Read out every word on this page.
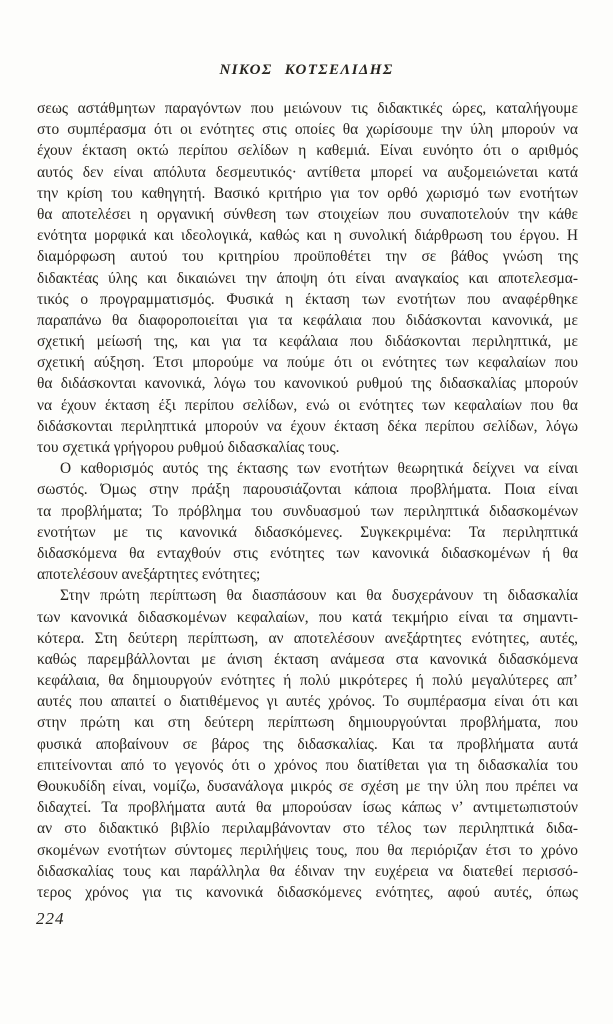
ΝΙΚΟΣ ΚΟΤΣΕΛΙΔΗΣ
σεως αστάθμητων παραγόντων που μειώνουν τις διδακτικές ώρες, καταλήγουμε
στο συμπέρασμα ότι οι ενότητες στις οποίες θα χωρίσουμε την ύλη μπορούν να
έχουν έκταση οκτώ περίπου σελίδων η καθεμιά. Είναι ευνόητο ότι ο αριθμός
αυτός δεν είναι απόλυτα δεσμευτικός· αντίθετα μπορεί να αυξομειώνεται κατά
την κρίση του καθηγητή. Βασικό κριτήριο για τον ορθό χωρισμό των ενοτήτων
θα αποτελέσει η οργανική σύνθεση των στοιχείων που συναποτελούν την κάθε
ενότητα μορφικά και ιδεολογικά, καθώς και η συνολική διάρθρωση του έργου. Η
διαμόρφωση αυτού του κριτηρίου προϋποθέτει την σε βάθος γνώση της
διδακτέας ύλης και δικαιώνει την άποψη ότι είναι αναγκαίος και αποτελεσμα-
τικός ο προγραμματισμός. Φυσικά η έκταση των ενοτήτων που αναφέρθηκε
παραπάνω θα διαφοροποιείται για τα κεφάλαια που διδάσκονται κανονικά, με
σχετική μείωσή της, και για τα κεφάλαια που διδάσκονται περιληπτικά, με
σχετική αύξηση. Έτσι μπορούμε να πούμε ότι οι ενότητες των κεφαλαίων που
θα διδάσκονται κανονικά, λόγω του κανονικού ρυθμού της διδασκαλίας μπορούν
να έχουν έκταση έξι περίπου σελίδων, ενώ οι ενότητες των κεφαλαίων που θα
διδάσκονται περιληπτικά μπορούν να έχουν έκταση δέκα περίπου σελίδων, λόγω
του σχετικά γρήγορου ρυθμού διδασκαλίας τους.
Ο καθορισμός αυτός της έκτασης των ενοτήτων θεωρητικά δείχνει να είναι
σωστός. Όμως στην πράξη παρουσιάζονται κάποια προβλήματα. Ποια είναι
τα προβλήματα; Το πρόβλημα του συνδυασμού των περιληπτικά διδασκομένων
ενοτήτων με τις κανονικά διδασκόμενες. Συγκεκριμένα: Τα περιληπτικά
διδασκόμενα θα ενταχθούν στις ενότητες των κανονικά διδασκομένων ή θα
αποτελέσουν ανεξάρτητες ενότητες;
Στην πρώτη περίπτωση θα διασπάσουν και θα δυσχεράνουν τη διδασκαλία
των κανονικά διδασκομένων κεφαλαίων, που κατά τεκμήριο είναι τα σημαντι-
κότερα. Στη δεύτερη περίπτωση, αν αποτελέσουν ανεξάρτητες ενότητες, αυτές,
καθώς παρεμβάλλονται με άνιση έκταση ανάμεσα στα κανονικά διδασκόμενα
κεφάλαια, θα δημιουργούν ενότητες ή πολύ μικρότερες ή πολύ μεγαλύτερες απ’
αυτές που απαιτεί ο διατιθέμενος γι αυτές χρόνος. Το συμπέρασμα είναι ότι και
στην πρώτη και στη δεύτερη περίπτωση δημιουργούνται προβλήματα, που
φυσικά αποβαίνουν σε βάρος της διδασκαλίας. Και τα προβλήματα αυτά
επιτείνονται από το γεγονός ότι ο χρόνος που διατίθεται για τη διδασκαλία του
Θουκυδίδη είναι, νομίζω, δυσανάλογα μικρός σε σχέση με την ύλη που πρέπει να
διδαχτεί. Τα προβλήματα αυτά θα μπορούσαν ίσως κάπως ν’ αντιμετωπιστούν
αν στο διδακτικό βιβλίο περιλαμβάνονταν στο τέλος των περιληπτικά διδα-
σκομένων ενοτήτων σύντομες περιλήψεις τους, που θα περιόριζαν έτσι το χρόνο
διδασκαλίας τους και παράλληλα θα έδιναν την ευχέρεια να διατεθεί περισσό-
τερος χρόνος για τις κανονικά διδασκόμενες ενότητες, αφού αυτές, όπως
224
